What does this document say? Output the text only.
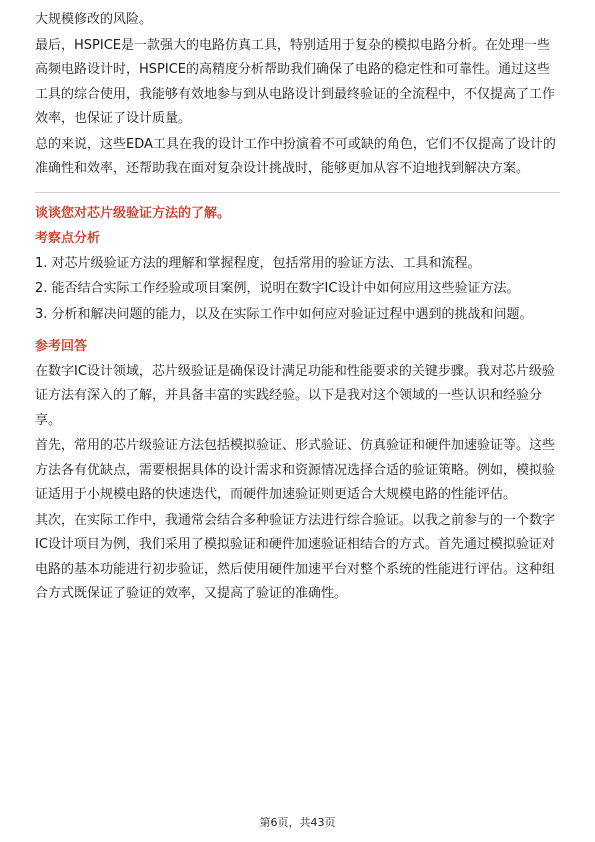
大规模修改的风险。

最后，HSPICE是一款强大的电路仿真工具，特别适用于复杂的模拟电路分析。在处理一些高频电路设计时，HSPICE的高精度分析帮助我们确保了电路的稳定性和可靠性。通过这些工具的综合使用，我能够有效地参与到从电路设计到最终验证的全流程中，不仅提高了工作效率，也保证了设计质量。

总的来说，这些EDA工具在我的设计工作中扮演着不可或缺的角色，它们不仅提高了设计的准确性和效率，还帮助我在面对复杂设计挑战时，能够更加从容不迫地找到解决方案。

谈谈您对芯片级验证方法的了解。
考察点分析

1. 对芯片级验证方法的理解和掌握程度，包括常用的验证方法、工具和流程。

2. 能否结合实际工作经验或项目案例，说明在数字IC设计中如何应用这些验证方法。

3. 分析和解决问题的能力，以及在实际工作中如何应对验证过程中遇到的挑战和问题。

参考回答

在数字IC设计领域，芯片级验证是确保设计满足功能和性能要求的关键步骤。我对芯片级验证方法有深入的了解，并具备丰富的实践经验。以下是我对这个领域的一些认识和经验分享。

首先，常用的芯片级验证方法包括模拟验证、形式验证、仿真验证和硬件加速验证等。这些方法各有优缺点，需要根据具体的设计需求和资源情况选择合适的验证策略。例如，模拟验证适用于小规模电路的快速迭代，而硬件加速验证则更适合大规模电路的性能评估。

其次，在实际工作中，我通常会结合多种验证方法进行综合验证。以我之前参与的一个数字IC设计项目为例，我们采用了模拟验证和硬件加速验证相结合的方式。首先通过模拟验证对电路的基本功能进行初步验证，然后使用硬件加速平台对整个系统的性能进行评估。这种组合方式既保证了验证的效率，又提高了验证的准确性。

第6页，共43页
